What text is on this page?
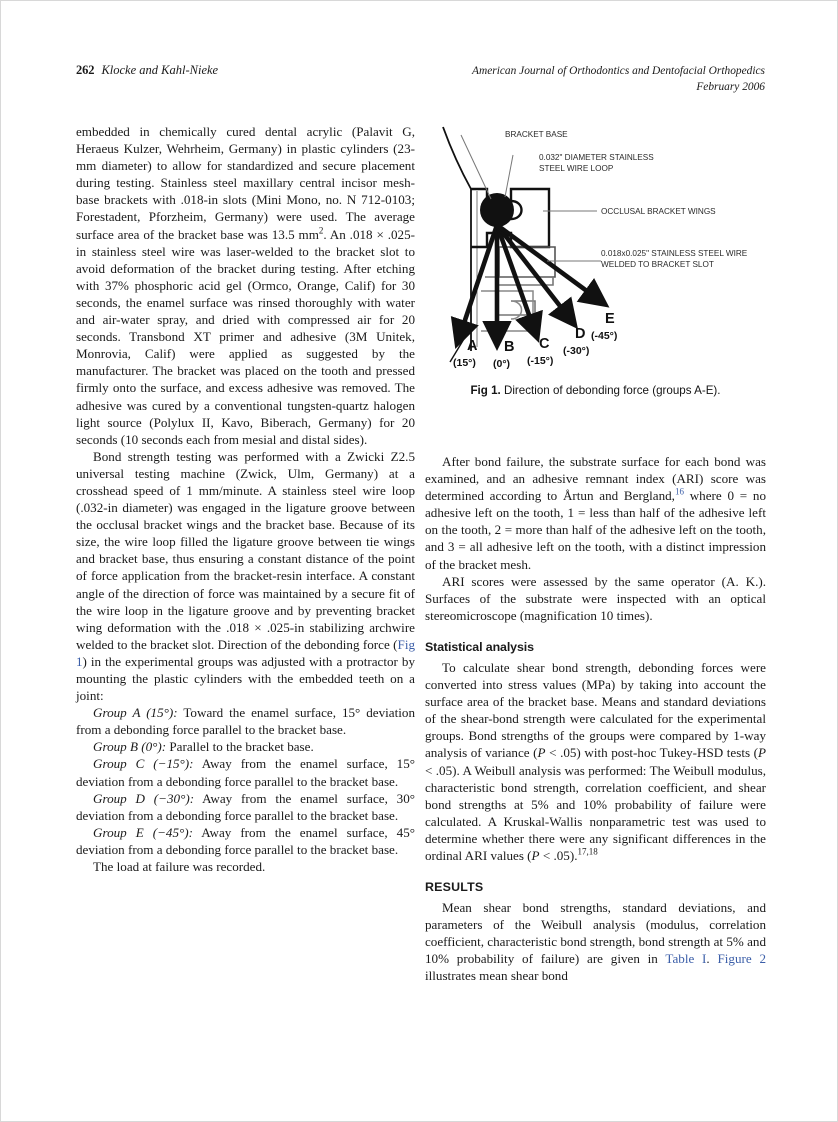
262 Klocke and Kahl-Nieke	American Journal of Orthodontics and Dentofacial Orthopedics
February 2006

embedded in chemically cured dental acrylic (Palavit G, Heraeus Kulzer, Wehrheim, Germany) in plastic cylinders (23-mm diameter) to allow for standardized and secure placement during testing. Stainless steel maxillary central incisor mesh-base brackets with .018-in slots (Mini Mono, no. N 712-0103; Forestadent, Pforzheim, Germany) were used. The average surface area of the bracket base was 13.5 $mm^2$. An .018 × .025-in stainless steel wire was laser-welded to the bracket slot to avoid deformation of the bracket during testing. After etching with 37% phosphoric acid gel (Ormco, Orange, Calif) for 30 seconds, the enamel surface was rinsed thoroughly with water and air-water spray, and dried with compressed air for 20 seconds. Transbond XT primer and adhesive (3M Unitek, Monrovia, Calif) were applied as suggested by the manufacturer. The bracket was placed on the tooth and pressed firmly onto the surface, and excess adhesive was removed. The adhesive was cured by a conventional tungsten-quartz halogen light source (Polylux II, Kavo, Biberach, Germany) for 20 seconds (10 seconds each from mesial and distal sides).

Bond strength testing was performed with a Zwicki Z2.5 universal testing machine (Zwick, Ulm, Germany) at a crosshead speed of 1 mm/minute. A stainless steel wire loop (.032-in diameter) was engaged in the ligature groove between the occlusal bracket wings and the bracket base. Because of its size, the wire loop filled the ligature groove between tie wings and bracket base, thus ensuring a constant distance of the point of force application from the bracket-resin interface. A constant angle of the direction of force was maintained by a secure fit of the wire loop in the ligature groove and by preventing bracket wing deformation with the .018 × .025-in stabilizing archwire welded to the bracket slot. Direction of the debonding force (Fig 1) in the experimental groups was adjusted with a protractor by mounting the plastic cylinders with the embedded teeth on a joint:

Group A (15°): Toward the enamel surface, 15° deviation from a debonding force parallel to the bracket base.

Group B (0°): Parallel to the bracket base.

Group C (−15°): Away from the enamel surface, 15° deviation from a debonding force parallel to the bracket base.

Group D (−30°): Away from the enamel surface, 30° deviation from a debonding force parallel to the bracket base.

Group E (−45°): Away from the enamel surface, 45° deviation from a debonding force parallel to the bracket base.

The load at failure was recorded.

BRACKET BASE
0.032" DIAMETER STAINLESS
STEEL WIRE LOOP
OCCLUSAL BRACKET WINGS
0.018x0.025" STAINLESS STEEL WIRE
WELDED TO BRACKET SLOT
A
(15°)
B
(0°)
C
(-15°)
D
(-30°)
E
(-45°)
Fig 1. Direction of debonding force (groups A-E).

After bond failure, the substrate surface for each bond was examined, and an adhesive remnant index (ARI) score was determined according to Årtun and Bergland,$^{16}$ where 0 = no adhesive left on the tooth, 1 = less than half of the adhesive left on the tooth, 2 = more than half of the adhesive left on the tooth, and 3 = all adhesive left on the tooth, with a distinct impression of the bracket mesh.

ARI scores were assessed by the same operator (A. K.). Surfaces of the substrate were inspected with an optical stereomicroscope (magnification 10 times).

Statistical analysis

To calculate shear bond strength, debonding forces were converted into stress values (MPa) by taking into account the surface area of the bracket base. Means and standard deviations of the shear-bond strength were calculated for the experimental groups. Bond strengths of the groups were compared by 1-way analysis of variance (P < .05) with post-hoc Tukey-HSD tests (P < .05). A Weibull analysis was performed: The Weibull modulus, characteristic bond strength, correlation coefficient, and shear bond strengths at 5% and 10% probability of failure were calculated. A Kruskal-Wallis nonparametric test was used to determine whether there were any significant differences in the ordinal ARI values (P < .05).$^{17,18}$

RESULTS

Mean shear bond strengths, standard deviations, and parameters of the Weibull analysis (modulus, correlation coefficient, characteristic bond strength, bond strength at 5% and 10% probability of failure) are given in Table I. Figure 2 illustrates mean shear bond
